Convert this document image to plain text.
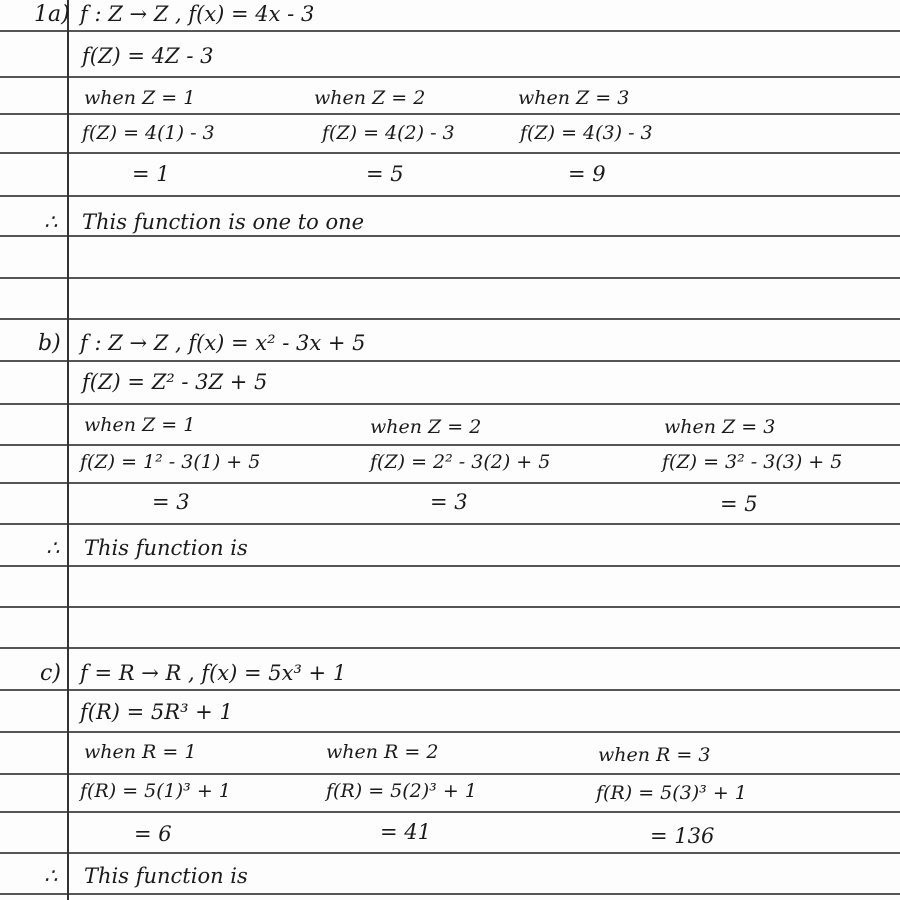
1a) f : Z → Z , f(x) = 4x - 3
f(Z) = 4Z - 3
when Z = 1	when Z = 2	when Z = 3
f(Z) = 4(1) - 3	f(Z) = 4(2) - 3	f(Z) = 4(3) - 3
= 1	= 5	= 9
∴ This function is one to one
b) f : Z → Z , f(x) = x² - 3x + 5
f(Z) = Z² - 3Z + 5
when Z = 1	when Z = 2	when Z = 3
f(Z) = 1² - 3(1) + 5	f(Z) = 2² - 3(2) + 5	f(Z) = 3² - 3(3) + 5
= 3	= 3	= 5
∴ This function is
c) f = R → R , f(x) = 5x³ + 1
f(R) = 5R³ + 1
when R = 1	when R = 2	when R = 3
f(R) = 5(1)³ + 1	f(R) = 5(2)³ + 1	f(R) = 5(3)³ + 1
= 6	= 41	= 136
∴ This function is
